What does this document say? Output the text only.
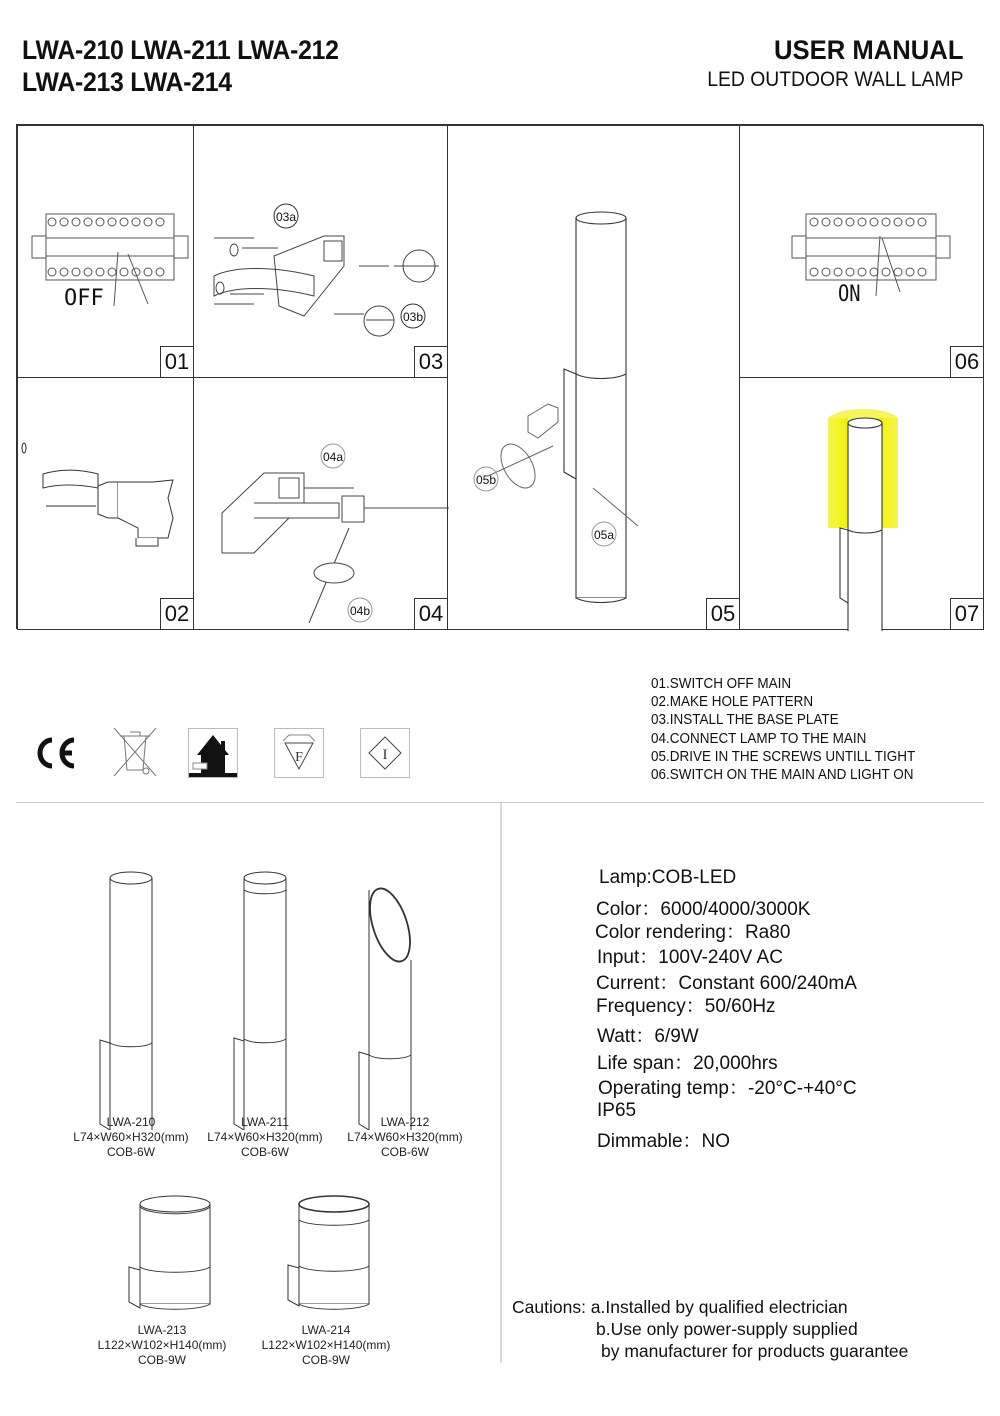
LWA-210 LWA-211 LWA-212
LWA-213 LWA-214
USER MANUAL
LED OUTDOOR WALL LAMP
OFF
01
03a
03b
03
05b
05a
05
ON
06
02
04a
04b 04	07
F	I
01.SWITCH OFF MAIN
02.MAKE HOLE PATTERN
03.INSTALL THE BASE PLATE
04.CONNECT LAMP TO THE MAIN
05.DRIVE IN THE SCREWS UNTILL TIGHT
06.SWITCH ON THE MAIN AND LIGHT ON
LWA-210
L74×W60×H320(mm)
COB-6W
LWA-211
L74×W60×H320(mm)
COB-6W
LWA-212
L74×W60×H320(mm)
COB-6W
LWA-213
L122×W102×H140(mm)
COB-9W
LWA-214
L122×W102×H140(mm)
COB-9W
Lamp:COB-LED
Color：6000/4000/3000K
Color rendering：Ra80
Input：100V-240V AC
Current：Constant 600/240mA
Frequency：50/60Hz
Watt：6/9W
Life span：20,000hrs
Operating temp：-20°C-+40°C
IP65
Dimmable：NO
Cautions: a.Installed by qualified electrician
b.Use only power-supply supplied
by manufacturer for products guarantee
